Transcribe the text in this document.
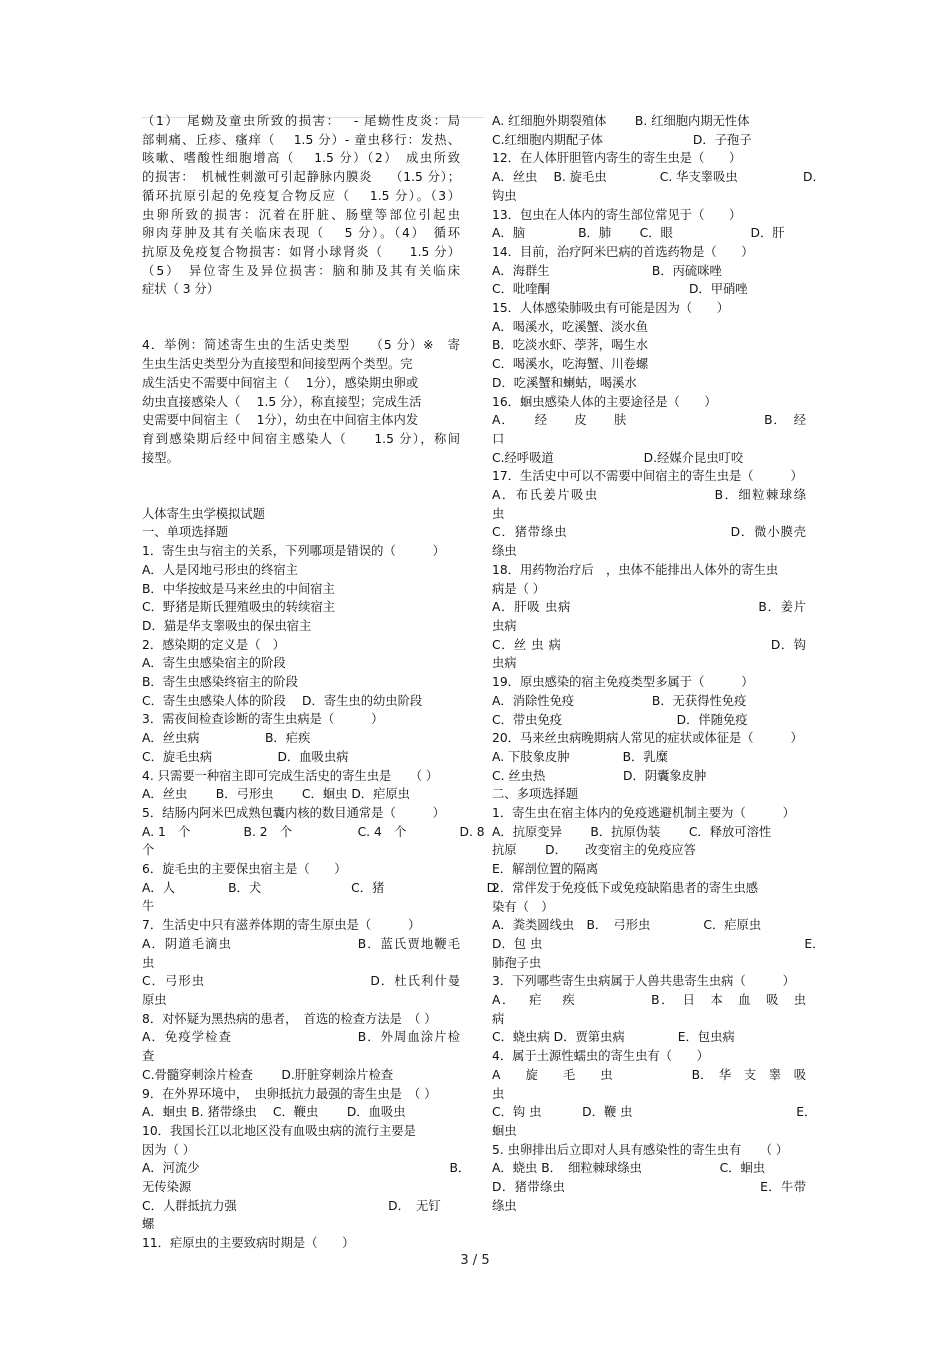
（1）　尾蚴及童虫所致的损害：　 - 尾蚴性皮炎：局
部刺痛、丘疹、瘙痒（　 1.5 分）- 童虫移行：发热、
咳嗽、嗜酸性细胞增高（　 1.5 分）（2）　成虫所致
的损害：　机械性刺激可引起静脉内膜炎　 （1.5 分）；
循环抗原引起的免疫复合物反应（　 1.5 分）。（3）
虫卵所致的损害：沉着在肝脏、肠壁等部位引起虫
卵肉芽肿及其有关临床表现（　 5 分）。（4）　循环
抗原及免疫复合物损害：如肾小球肾炎（　　1.5 分）
（5）　异位寄生及异位损害：脑和肺及其有关临床
症状（ 3 分）
4．举例：简述寄生虫的生活史类型　　（5 分）※　寄
生虫生活史类型分为直接型和间接型两个类型。完
成生活史不需要中间宿主（　 1分），感染期虫卵或
幼虫直接感染人（　 1.5 分），称直接型；完成生活
史需要中间宿主（　 1分），幼虫在中间宿主体内发
育到感染期后经中间宿主感染人（　　1.5 分），称间
接型。
人体寄生虫学模拟试题
一、单项选择题
1．寄生虫与宿主的关系，下列哪项是错误的（　　　）
A．人是冈地弓形虫的终宿主
B．中华按蚊是马来丝虫的中间宿主
C．野猪是斯氏狸殖吸虫的转续宿主
D．猫是华支睾吸虫的保虫宿主
2．感染期的定义是（　）
A．寄生虫感染宿主的阶段
B．寄生虫感染终宿主的阶段
C．寄生虫感染人体的阶段　 D．寄生虫的幼虫阶段
3．需夜间检查诊断的寄生虫病是（　　　）
A．丝虫病　　　　　 B．疟疾
C．旋毛虫病　　　　　 D．血吸虫病
4. 只需要一种宿主即可完成生活史的寄生虫是　　（ ）
A．丝虫　　 B．弓形虫　　 C．蛔虫 D．疟原虫
5．结肠内阿米巴成熟包囊内核的数目通常是（　　　）
A. 1　个　　　　 B. 2　个　　　　　 C. 4　个　　　　 D. 8
个
6．旋毛虫的主要保虫宿主是（　　）
A．人　　　　 B．犬　　　　　　　 C．猪　　　　　　　　 D．
牛
7．生活史中只有滋养体期的寄生原虫是（　　　）
A．阴道毛滴虫　　　　　　　　　 B．蓝氏贾地鞭毛
虫
C．弓形虫　　　　　　　　　　　　 D．杜氏利什曼
原虫
8．对怀疑为黑热病的患者，　首选的检查方法是　（ ）
A．免疫学检查　　　　　　　　　 B．外周血涂片检
查
C.骨髓穿刺涂片检查　　 D.肝脏穿刺涂片检查
9．在外界环境中，　虫卵抵抗力最强的寄生虫是　（ ）
A．蛔虫 B. 猪带绦虫　 C．鞭虫　　 D．血吸虫
10．我国长江以北地区没有血吸虫病的流行主要是
因为（ ）
A．河流少　　　　　　　　　　　　　　　　　　　　 B．
无传染源
C．人群抵抗力强　　　　　　　　　　　　 D．　无钉
螺
11．疟原虫的主要致病时期是（　　）
A. 红细胞外期裂殖体　　 B. 红细胞内期无性体
C.红细胞内期配子体　　　　　　　 D．子孢子
12．在人体肝胆管内寄生的寄生虫是（　　）
A．丝虫　 B. 旋毛虫　　　　 C. 华支睾吸虫　　　　　 D．
钩虫
13．包虫在人体内的寄生部位常见于（　　）
A．脑　　　　 B．肺　　 C．眼　　　　　　 D．肝
14．目前，治疗阿米巴病的首选药物是（　　）
A．海群生　　　　　　　　 B．丙硫咪唑
C．吡喹酮　　　　　　　　　　　 D．甲硝唑
15．人体感染肺吸虫有可能是因为（　　）
A．喝溪水，吃溪蟹、淡水鱼
B．吃淡水虾、荸荠，喝生水
C．喝溪水，吃海蟹、川卷螺
D．吃溪蟹和蝲蛄，喝溪水
16．蛔虫感染人体的主要途径是（　　）
A．　　经　　皮　　肤　　　　　　　　　　 B．　经
口
C.经呼吸道　　　　　　　 D.经媒介昆虫叮咬
17．生活史中可以不需要中间宿主的寄生虫是（　　　）
A．布氏姜片吸虫　　　　　　　　 B．细粒棘球绦
虫
C．猪带绦虫　　　　　　　　　　　　 D．微小膜壳
绦虫
18．用药物治疗后　，虫体不能排出人体外的寄生虫
病是（ ）
A．肝吸 虫病　　　　　　　　　　　　　　 B．姜片
虫病
C．丝 虫 病　　　　　　　　　　　　　　　　 D．钩
虫病
19．原虫感染的宿主免疫类型多属于（　　　）
A．消除性免疫　　　　　　 B．无获得性免疫
C．带虫免疫　　　　　　　　　 D．伴随免疫
20．马来丝虫病晚期病人常见的症状或体征是（　　　）
A. 下肢象皮肿　　　　 B．乳糜
C. 丝虫热　　　　　　 D．阴囊象皮肿
二、多项选择题
1．寄生虫在宿主体内的免疫逃避机制主要为（　　　）
A．抗原变异　　 B．抗原伪装　　 C．释放可溶性
抗原　　 D．　　改变宿主的免疫应答
E．解剖位置的隔离
2．常伴发于免疫低下或免疫缺陷患者的寄生虫感
染有（　）
A．粪类圆线虫　B．　弓形虫　　　　 C．疟原虫
D．包 虫　　　　　　　　　　　　　　　　　　　　　 E．
肺孢子虫
3．下列哪些寄生虫病属于人兽共患寄生虫病（　　　）
A．　 疟　 疾　　　　　 B．　日　本　血　吸　虫
病
C．蛲虫病 D．贾第虫病　　　　 E．包虫病
4．属于土源性蠕虫的寄生虫有（　　）
A　　旋　　毛　　虫　　　　　　 B．　华　支　睾　吸
虫
C．钩 虫　　　 D．鞭 虫　　　　　　　　　　　　　 E．
蛔虫
5. 虫卵排出后立即对人具有感染性的寄生虫有　　（ ）
A．蛲虫 B．　细粒棘球绦虫　　　　　　 C．蛔虫
D．猪带绦虫　　　　　　　　　　　　　　　 E．牛带
绦虫
3 / 5
